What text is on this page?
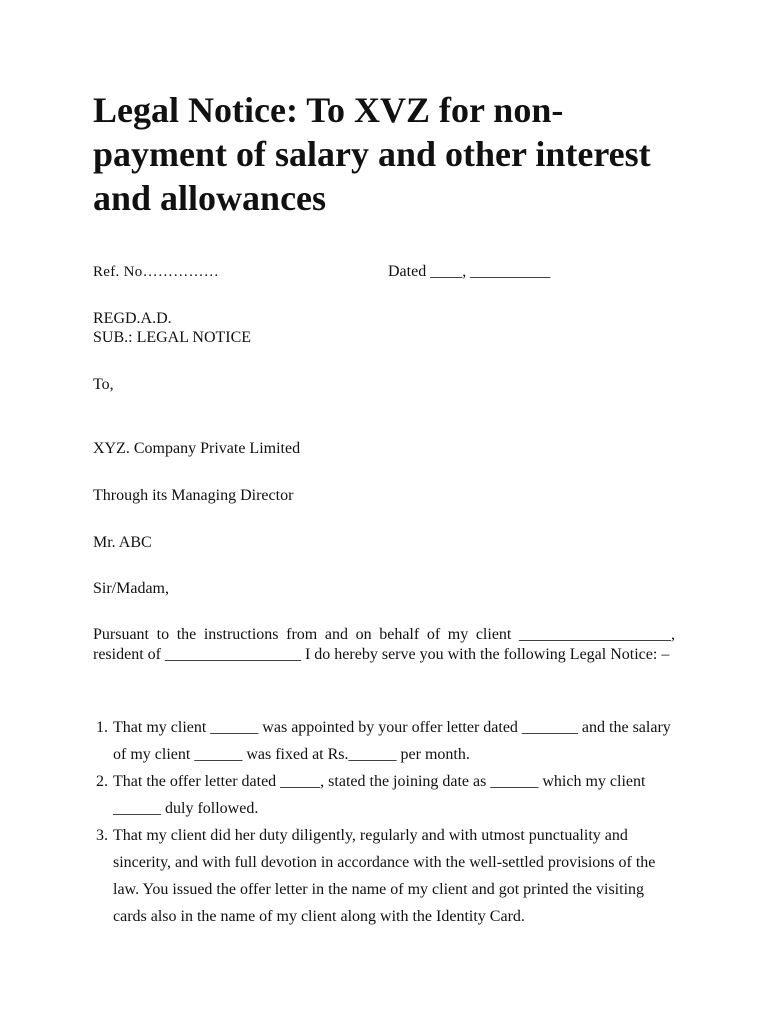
Legal Notice: To XVZ for non-payment of salary and other interest and allowances
Ref. No……………	Dated ____, __________
REGD.A.D.
SUB.: LEGAL NOTICE
To,
XYZ. Company Private Limited
Through its Managing Director
Mr. ABC
Sir/Madam,

Pursuant to the instructions from and on behalf of my client ___________________, resident of _________________ I do hereby serve you with the following Legal Notice: –

1. That my client ______ was appointed by your offer letter dated _______ and the salary of my client ______ was fixed at Rs.______ per month.
2. That the offer letter dated _____, stated the joining date as ______ which my client ______ duly followed.
3. That my client did her duty diligently, regularly and with utmost punctuality and sincerity, and with full devotion in accordance with the well-settled provisions of the law. You issued the offer letter in the name of my client and got printed the visiting cards also in the name of my client along with the Identity Card.
